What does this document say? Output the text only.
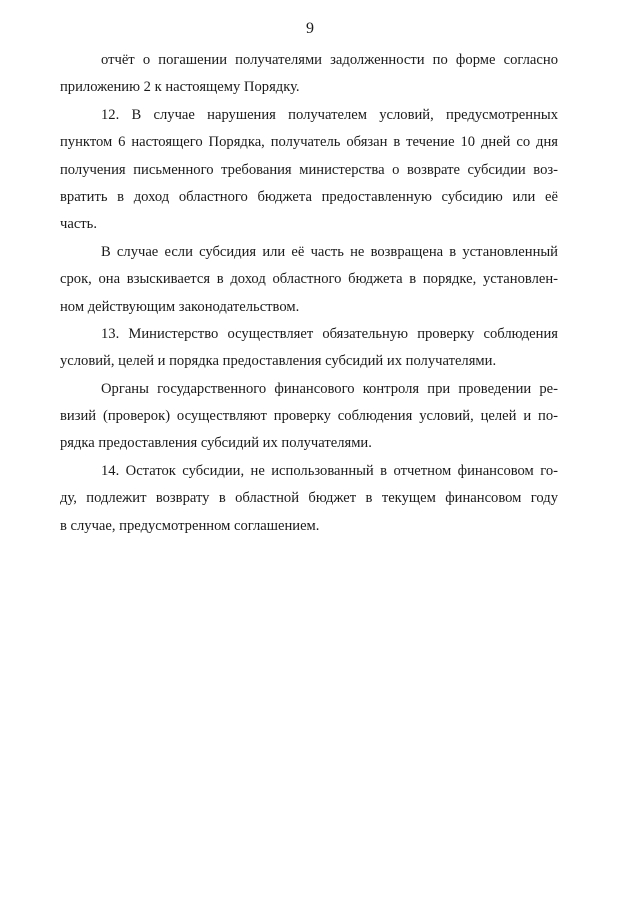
9
отчёт о погашении получателями задолженности по форме согласно
приложению 2 к настоящему Порядку.
12. В случае нарушения получателем условий, предусмотренных
пунктом 6 настоящего Порядка, получатель обязан в течение 10 дней со дня
получения письменного требования министерства о возврате субсидии воз-
вратить в доход областного бюджета предоставленную субсидию или её
часть.
В случае если субсидия или её часть не возвращена в установленный
срок, она взыскивается в доход областного бюджета в порядке, установлен-
ном действующим законодательством.
13. Министерство осуществляет обязательную проверку соблюдения
условий, целей и порядка предоставления субсидий их получателями.
Органы государственного финансового контроля при проведении ре-
визий (проверок) осуществляют проверку соблюдения условий, целей и по-
рядка предоставления субсидий их получателями.
14. Остаток субсидии, не использованный в отчетном финансовом го-
ду, подлежит возврату в областной бюджет в текущем финансовом году
в случае, предусмотренном соглашением.
